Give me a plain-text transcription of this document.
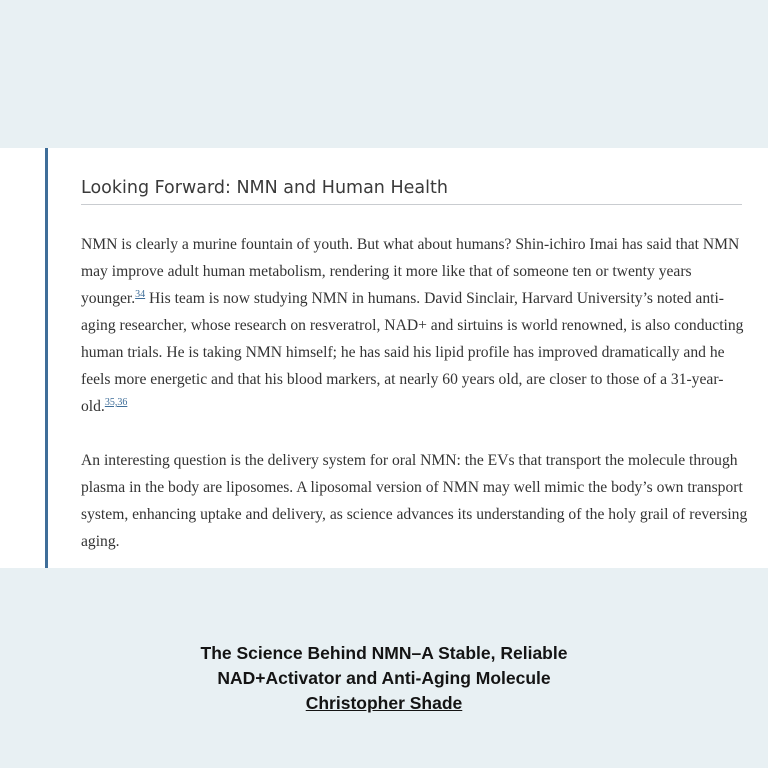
Looking Forward: NMN and Human Health

NMN is clearly a murine fountain of youth. But what about humans? Shin-ichiro Imai has said that NMN may improve adult human metabolism, rendering it more like that of someone ten or twenty years younger.$^{34}$ His team is now studying NMN in humans. David Sinclair, Harvard University’s noted anti-aging researcher, whose research on resveratrol, NAD+ and sirtuins is world renowned, is also conducting human trials. He is taking NMN himself; he has said his lipid profile has improved dramatically and he feels more energetic and that his blood markers, at nearly 60 years old, are closer to those of a 31-year-old.$^{35,36}$

An interesting question is the delivery system for oral NMN: the EVs that transport the molecule through plasma in the body are liposomes. A liposomal version of NMN may well mimic the body’s own transport system, enhancing uptake and delivery, as science advances its understanding of the holy grail of reversing aging.

The Science Behind NMN–A Stable, Reliable
NAD+Activator and Anti-Aging Molecule
Christopher Shade
